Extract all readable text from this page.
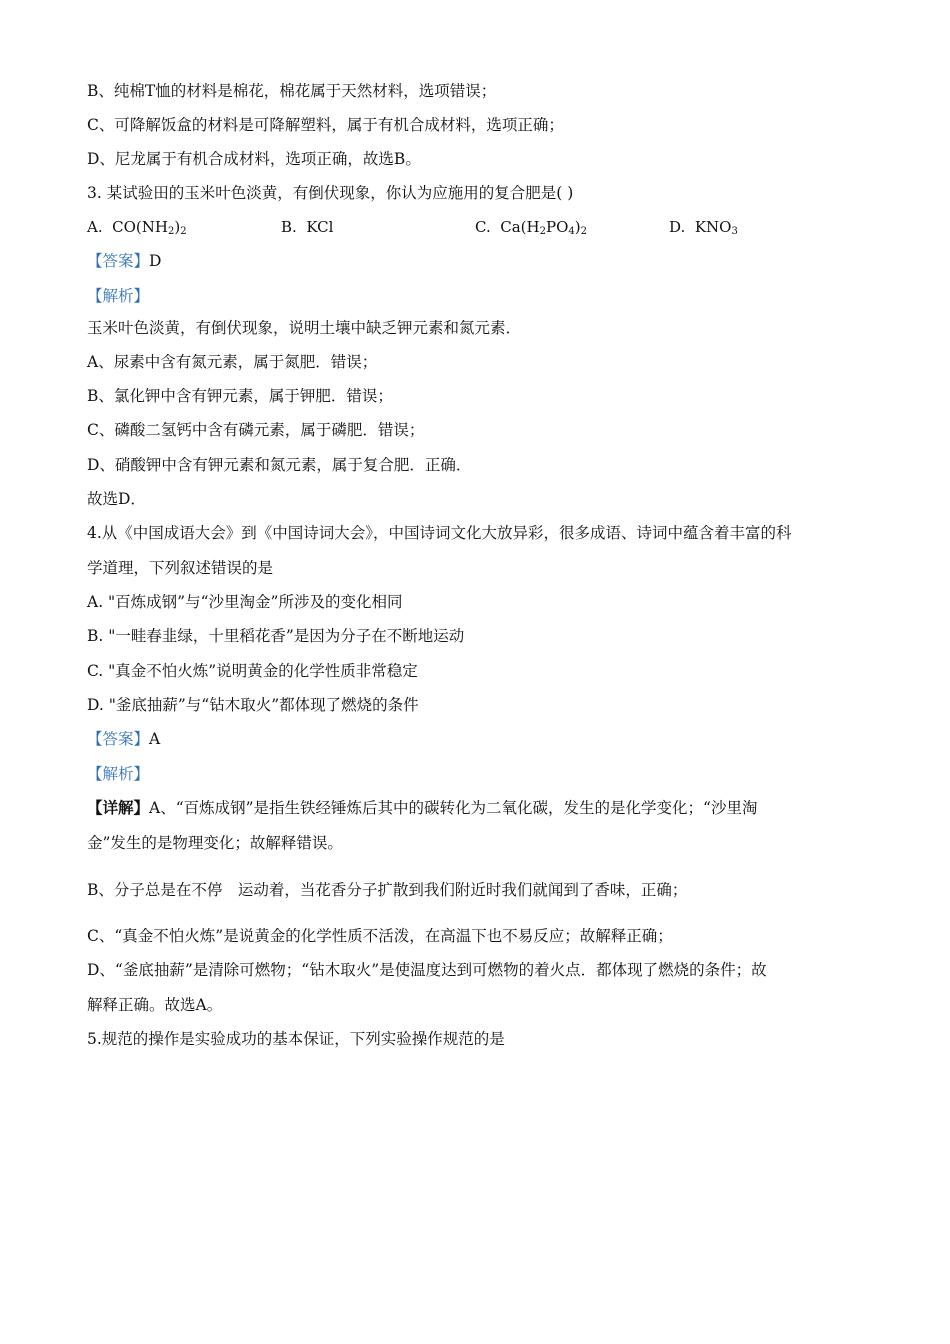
B、纯棉T恤的材料是棉花，棉花属于天然材料，选项错误；
C、可降解饭盒的材料是可降解塑料，属于有机合成材料，选项正确；
D、尼龙属于有机合成材料，选项正确，故选B。
3. 某试验田的玉米叶色淡黄，有倒伏现象，你认为应施用的复合肥是( )
A. $CO(NH_2)_2$	B. KCl	C. $Ca(H_2PO_4)_2$	D. $KNO_3$
【答案】D
【解析】
玉米叶色淡黄，有倒伏现象，说明土壤中缺乏钾元素和氮元素．
A、尿素中含有氮元素，属于氮肥．错误；
B、氯化钾中含有钾元素，属于钾肥．错误；
C、磷酸二氢钙中含有磷元素，属于磷肥．错误；
D、硝酸钾中含有钾元素和氮元素，属于复合肥．正确．
故选D．
4.从《中国成语大会》到《中国诗词大会》，中国诗词文化大放异彩，很多成语、诗词中蕴含着丰富的科
学道理，下列叙述错误的是
A. "百炼成钢”与“沙里淘金”所涉及的变化相同
B. "一畦春韭绿，十里稻花香”是因为分子在不断地运动
C. "真金不怕火炼”说明黄金的化学性质非常稳定
D. "釜底抽薪”与“钻木取火”都体现了燃烧的条件
【答案】A
【解析】
【详解】A、“百炼成钢”是指生铁经锤炼后其中的碳转化为二氧化碳，发生的是化学变化；“沙里淘
金”发生的是物理变化；故解释错误。
B、分子总是在不停　运动着，当花香分子扩散到我们附近时我们就闻到了香味，正确；
C、“真金不怕火炼”是说黄金的化学性质不活泼，在高温下也不易反应；故解释正确；
D、“釜底抽薪”是清除可燃物；“钻木取火”是使温度达到可燃物的着火点．都体现了燃烧的条件；故
解释正确。故选A。
5.规范的操作是实验成功的基本保证，下列实验操作规范的是
